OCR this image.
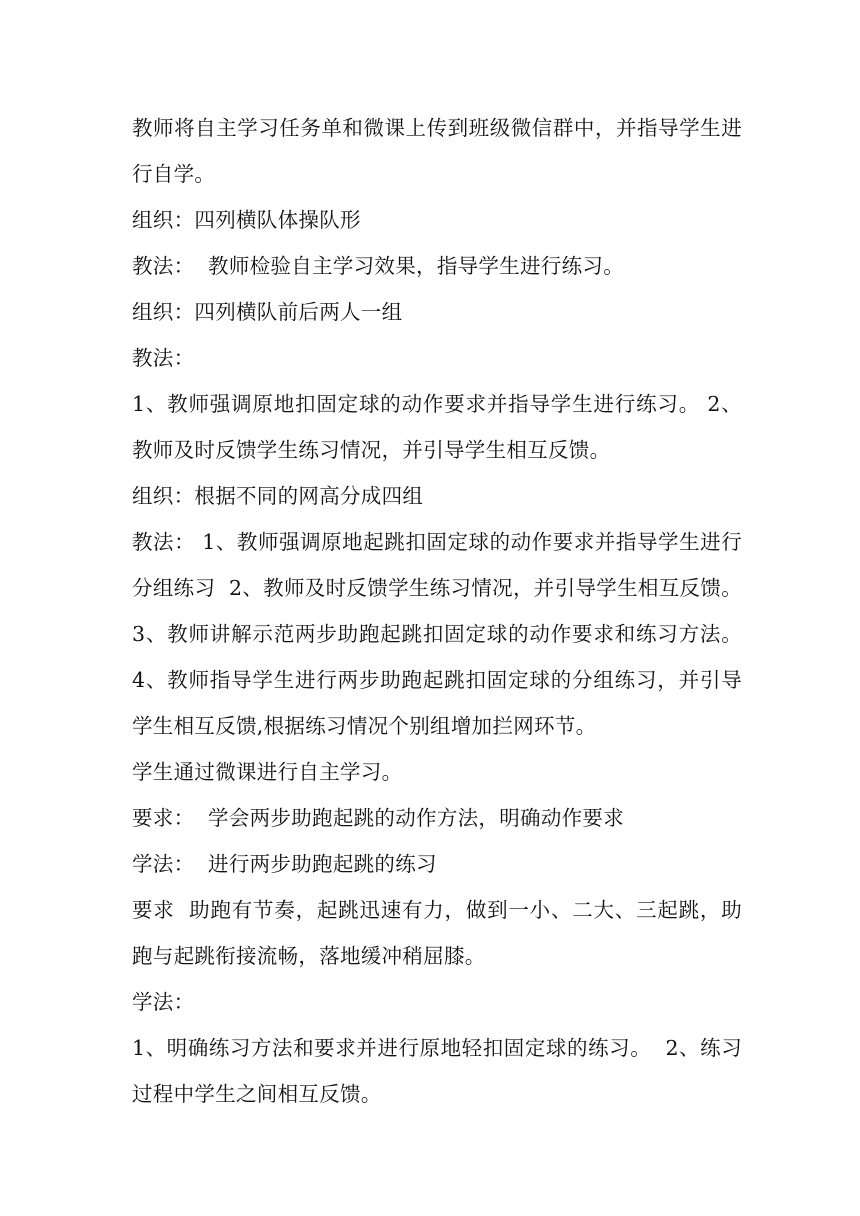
教师将自主学习任务单和微课上传到班级微信群中，并指导学生进行自学。

组织：四列横队体操队形

教法：  教师检验自主学习效果，指导学生进行练习。

组织：四列横队前后两人一组

教法：

1、教师强调原地扣固定球的动作要求并指导学生进行练习。 2、教师及时反馈学生练习情况，并引导学生相互反馈。

组织：根据不同的网高分成四组

教法： 1、教师强调原地起跳扣固定球的动作要求并指导学生进行分组练习  2、教师及时反馈学生练习情况，并引导学生相互反馈。 3、教师讲解示范两步助跑起跳扣固定球的动作要求和练习方法。4、教师指导学生进行两步助跑起跳扣固定球的分组练习，并引导学生相互反馈,根据练习情况个别组增加拦网环节。

学生通过微课进行自主学习。

要求：  学会两步助跑起跳的动作方法，明确动作要求

学法：  进行两步助跑起跳的练习

要求  助跑有节奏，起跳迅速有力，做到一小、二大、三起跳，助跑与起跳衔接流畅，落地缓冲稍屈膝。

学法：

1、明确练习方法和要求并进行原地轻扣固定球的练习。  2、练习过程中学生之间相互反馈。
